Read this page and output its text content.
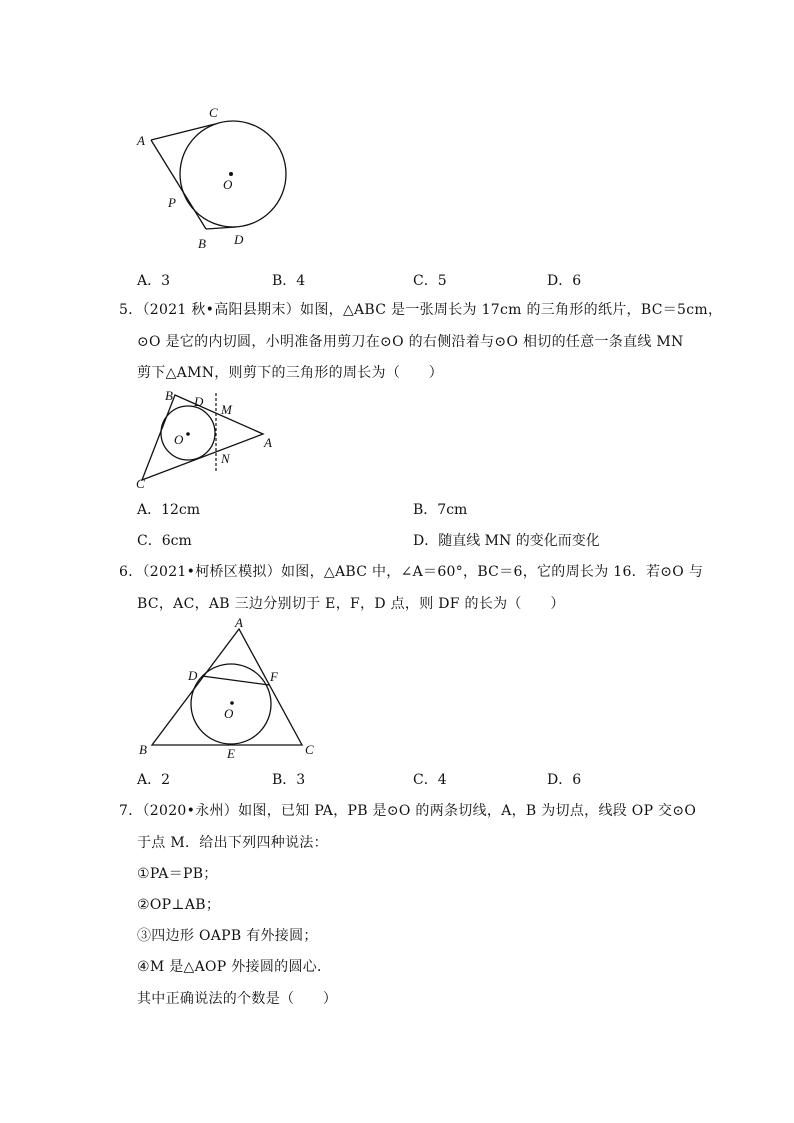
A
C
P
O
B D
A．3	B．4	C．5	D．6
5．（2021 秋•高阳县期末）如图，△ABC 是一张周长为 17cm 的三角形的纸片，BC＝5cm，
⊙O 是它的内切圆，小明准备用剪刀在⊙O 的右侧沿着与⊙O 相切的任意一条直线 MN
剪下△AMN，则剪下的三角形的周长为（　　）
B D
M
O	A
N
C
A．12cm	B．7cm
C．6cm	D．随直线 MN 的变化而变化
6．（2021•柯桥区模拟）如图，△ABC 中，∠A＝60°，BC＝6，它的周长为 16．若⊙O 与
BC，AC，AB 三边分别切于 E，F，D 点，则 DF 的长为（　　）
A
D	F
O
B	E	C
A．2	B．3	C．4	D．6
7．（2020•永州）如图，已知 PA，PB 是⊙O 的两条切线，A，B 为切点，线段 OP 交⊙O
于点 M．给出下列四种说法：
①PA＝PB；
②OP⊥AB；
③四边形 OAPB 有外接圆；
④M 是△AOP 外接圆的圆心．
其中正确说法的个数是（　　）
